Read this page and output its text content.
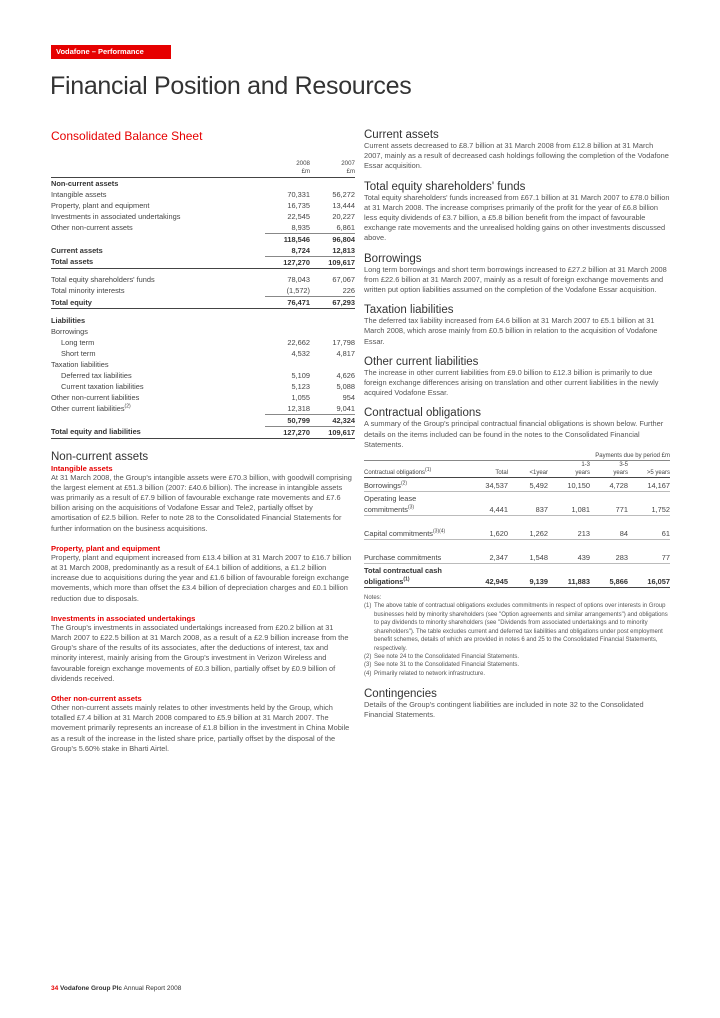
Vodafone – Performance
Financial Position and Resources
Consolidated Balance Sheet
	2008	2007
	£m	£m
Non-current assets		
Intangible assets	70,331	56,272
Property, plant and equipment	16,735	13,444
Investments in associated undertakings	22,545	20,227
Other non-current assets	8,935	6,861
	118,546	96,804
Current assets	8,724	12,813
Total assets	127,270	109,617

Total equity shareholders' funds	78,043	67,067
Total minority interests	(1,572)	226
Total equity	76,471	67,293

Liabilities		
Borrowings		
Long term	22,662	17,798
Short term	4,532	4,817
Taxation liabilities		
Deferred tax liabilities	5,109	4,626
Current taxation liabilities	5,123	5,088
Other non-current liabilities	1,055	954
Other current liabilities$^{(2)}$	12,318	9,041
	50,799	42,324
Total equity and liabilities	127,270	109,617
Non-current assets
Intangible assets

At 31 March 2008, the Group's intangible assets were £70.3 billion, with goodwill comprising the largest element at £51.3 billion (2007: £40.6 billion). The increase in intangible assets was primarily as a result of £7.9 billion of favourable exchange rate movements and £7.6 billion arising on the acquisitions of Vodafone Essar and Tele2, partially offset by amortisation of £2.5 billion. Refer to note 28 to the Consolidated Financial Statements for further information on the business acquisitions.

Property, plant and equipment

Property, plant and equipment increased from £13.4 billion at 31 March 2007 to £16.7 billion at 31 March 2008, predominantly as a result of £4.1 billion of additions, a £1.2 billion increase due to acquisitions during the year and £1.6 billion of favourable foreign exchange movements, which more than offset the £3.4 billion of depreciation charges and £0.1 billion reduction due to disposals.

Investments in associated undertakings

The Group's investments in associated undertakings increased from £20.2 billion at 31 March 2007 to £22.5 billion at 31 March 2008, as a result of a £2.9 billion increase from the Group's share of the results of its associates, after the deductions of interest, tax and minority interest, mainly arising from the Group's investment in Verizon Wireless and favourable foreign exchange movements of £0.3 billion, partially offset by £0.9 billion of dividends received.

Other non-current assets

Other non-current assets mainly relates to other investments held by the Group, which totalled £7.4 billion at 31 March 2008 compared to £5.9 billion at 31 March 2007. The movement primarily represents an increase of £1.8 billion in the investment in China Mobile as a result of the increase in the listed share price, partially offset by the disposal of the Group's 5.60% stake in Bharti Airtel.

Current assets

Current assets decreased to £8.7 billion at 31 March 2008 from £12.8 billion at 31 March 2007, mainly as a result of decreased cash holdings following the completion of the Vodafone Essar acquisition.

Total equity shareholders' funds

Total equity shareholders' funds increased from £67.1 billion at 31 March 2007 to £78.0 billion at 31 March 2008. The increase comprises primarily of the profit for the year of £6.8 billion less equity dividends of £3.7 billion, a £5.8 billion benefit from the impact of favourable exchange rate movements and the unrealised holding gains on other investments discussed above.

Borrowings

Long term borrowings and short term borrowings increased to £27.2 billion at 31 March 2008 from £22.6 billion at 31 March 2007, mainly as a result of foreign exchange movements and written put option liabilities assumed on the completion of the Vodafone Essar acquisition.

Taxation liabilities

The deferred tax liability increased from £4.6 billion at 31 March 2007 to £5.1 billion at 31 March 2008, which arose mainly from £0.5 billion in relation to the acquisition of Vodafone Essar.

Other current liabilities

The increase in other current liabilities from £9.0 billion to £12.3 billion is primarily to due foreign exchange differences arising on translation and other current liabilities in the newly acquired Vodafone Essar.

Contractual obligations

A summary of the Group's principal contractual financial obligations is shown below. Further details on the items included can be found in the notes to the Consolidated Financial Statements.

Payments due by period £m					
			1-3	3-5	
Contractual obligations$^{(1)}$	Total	<1year	years	years	>5 years
Borrowings$^{(2)}$	34,537	5,492	10,150	4,728	14,167
Operating lease commitments$^{(3)}$	4,441	837	1,081	771	1,752
Capital commitments$^{(3)(4)}$	1,620	1,262	213	84	61
Purchase commitments	2,347	1,548	439	283	77
Total contractual cash obligations$^{(1)}$	42,945	9,139	11,883	5,866	16,057
Notes:
(1) The above table of contractual obligations excludes commitments in respect of options over interests in Group businesses held by minority shareholders (see "Option agreements and similar arrangements") and obligations to pay dividends to minority shareholders (see "Dividends from associated undertakings and to minority shareholders"). The table excludes current and deferred tax liabilities and obligations under post employment benefit schemes, details of which are provided in notes 6 and 25 to the Consolidated Financial Statements, respectively.
(2) See note 24 to the Consolidated Financial Statements.
(3) See note 31 to the Consolidated Financial Statements.
(4) Primarily related to network infrastructure.
Contingencies

Details of the Group's contingent liabilities are included in note 32 to the Consolidated Financial Statements.

34 Vodafone Group Plc Annual Report 2008
